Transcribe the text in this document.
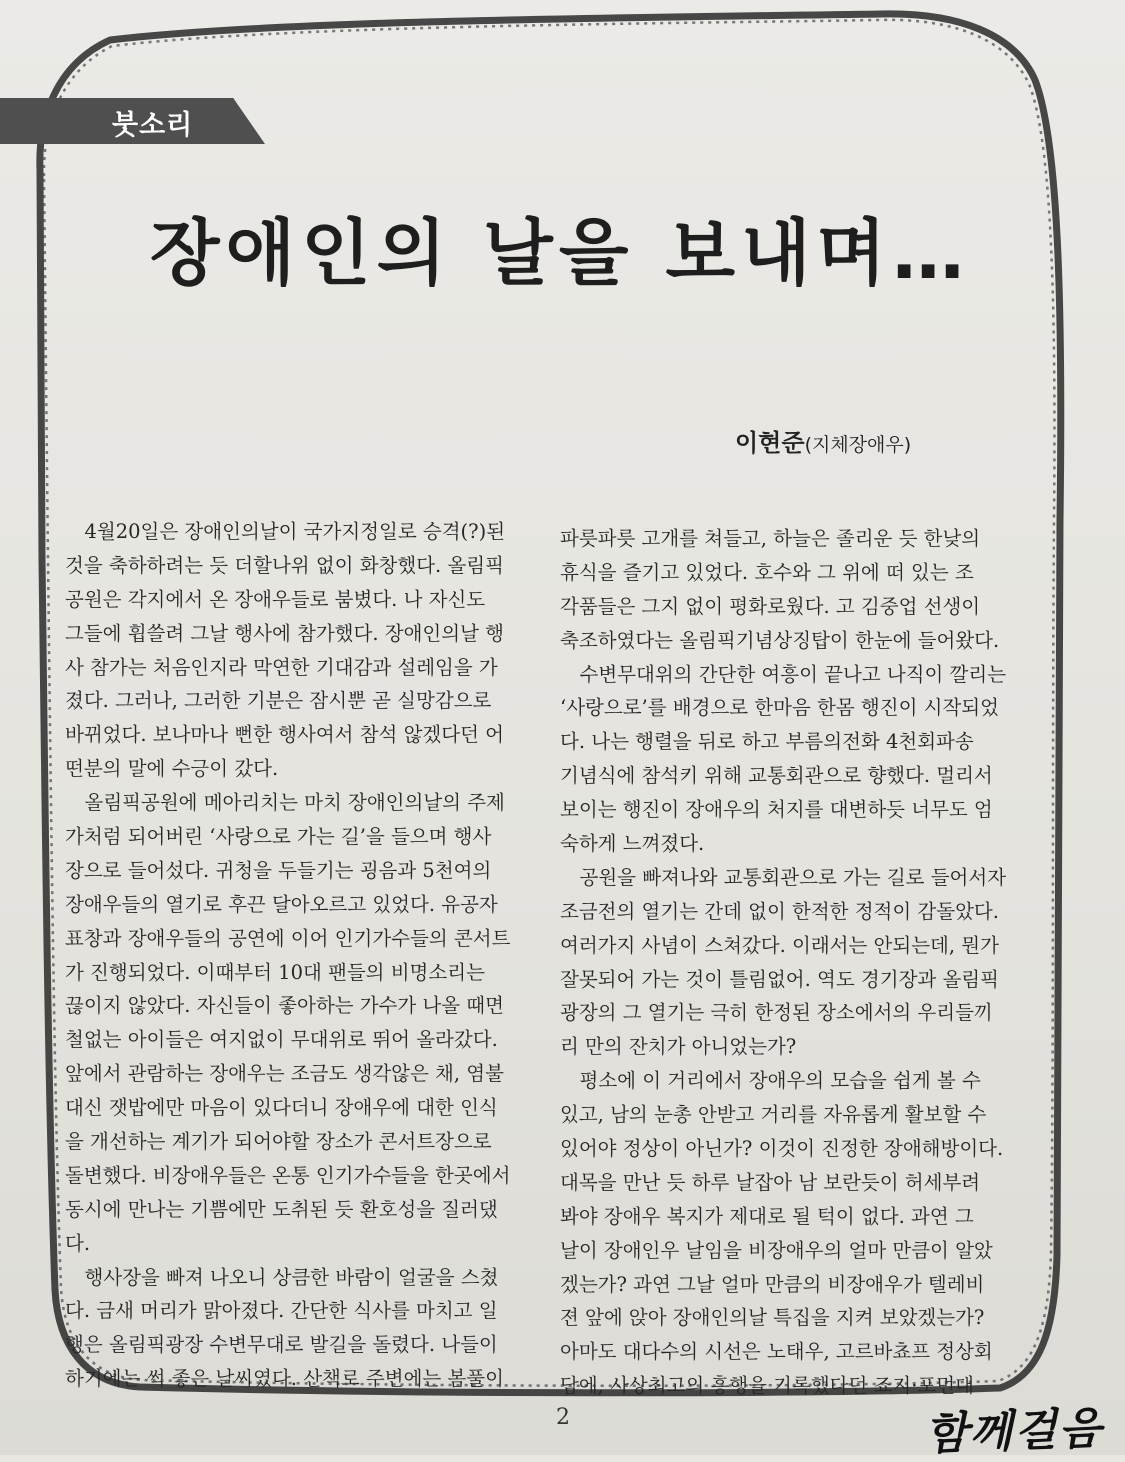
붓소리
장애인의 날을 보내며…
이현준(지체장애우)
　4월20일은 장애인의날이 국가지정일로 승격(?)된
것을 축하하려는 듯 더할나위 없이 화창했다. 올림픽
공원은 각지에서 온 장애우들로 붐볐다. 나 자신도
그들에 휩쓸려 그날 행사에 참가했다. 장애인의날 행
사 참가는 처음인지라 막연한 기대감과 설레임을 가
졌다. 그러나, 그러한 기분은 잠시뿐 곧 실망감으로
바뀌었다. 보나마나 뻔한 행사여서 참석 않겠다던 어
떤분의 말에 수긍이 갔다.
　올림픽공원에 메아리치는 마치 장애인의날의 주제
가처럼 되어버린 ‘사랑으로 가는 길’을 들으며 행사
장으로 들어섰다. 귀청을 두들기는 굉음과 5천여의
장애우들의 열기로 후끈 달아오르고 있었다. 유공자
표창과 장애우들의 공연에 이어 인기가수들의 콘서트
가 진행되었다. 이때부터 10대 팬들의 비명소리는
끊이지 않았다. 자신들이 좋아하는 가수가 나올 때면
철없는 아이들은 여지없이 무대위로 뛰어 올라갔다.
앞에서 관람하는 장애우는 조금도 생각않은 채, 염불
대신 잿밥에만 마음이 있다더니 장애우에 대한 인식
을 개선하는 계기가 되어야할 장소가 콘서트장으로
돌변했다. 비장애우들은 온통 인기가수들을 한곳에서
동시에 만나는 기쁨에만 도취된 듯 환호성을 질러댔
다.
　행사장을 빠져 나오니 상큼한 바람이 얼굴을 스쳤
다. 금새 머리가 맑아졌다. 간단한 식사를 마치고 일
행은 올림픽광장 수변무대로 발길을 돌렸다. 나들이
하기에는 썩 좋은 날씨였다. 산책로 주변에는 봄풀이
파릇파릇 고개를 쳐들고, 하늘은 졸리운 듯 한낮의
휴식을 즐기고 있었다. 호수와 그 위에 떠 있는 조
각품들은 그지 없이 평화로웠다. 고 김중업 선생이
축조하였다는 올림픽기념상징탑이 한눈에 들어왔다.
　수변무대위의 간단한 여흥이 끝나고 나직이 깔리는
‘사랑으로’를 배경으로 한마음 한몸 행진이 시작되었
다. 나는 행렬을 뒤로 하고 부름의전화 4천회파송
기념식에 참석키 위해 교통회관으로 향했다. 멀리서
보이는 행진이 장애우의 처지를 대변하듯 너무도 엄
숙하게 느껴졌다.
　공원을 빠져나와 교통회관으로 가는 길로 들어서자
조금전의 열기는 간데 없이 한적한 정적이 감돌았다.
여러가지 사념이 스쳐갔다. 이래서는 안되는데, 뭔가
잘못되어 가는 것이 틀림없어. 역도 경기장과 올림픽
광장의 그 열기는 극히 한정된 장소에서의 우리들끼
리 만의 잔치가 아니었는가?
　평소에 이 거리에서 장애우의 모습을 쉽게 볼 수
있고, 남의 눈총 안받고 거리를 자유롭게 활보할 수
있어야 정상이 아닌가? 이것이 진정한 장애해방이다.
대목을 만난 듯 하루 날잡아 남 보란듯이 허세부려
봐야 장애우 복지가 제대로 될 턱이 없다. 과연 그
날이 장애인우 날임을 비장애우의 얼마 만큼이 알았
겠는가? 과연 그날 얼마 만큼의 비장애우가 텔레비
젼 앞에 앉아 장애인의날 특집을 지켜 보았겠는가?
아마도 대다수의 시선은 노태우, 고르바쵸프 정상회
담에, 사상최고의 흥행을 기록했다던 죠지·포먼대
2	함께걸음
